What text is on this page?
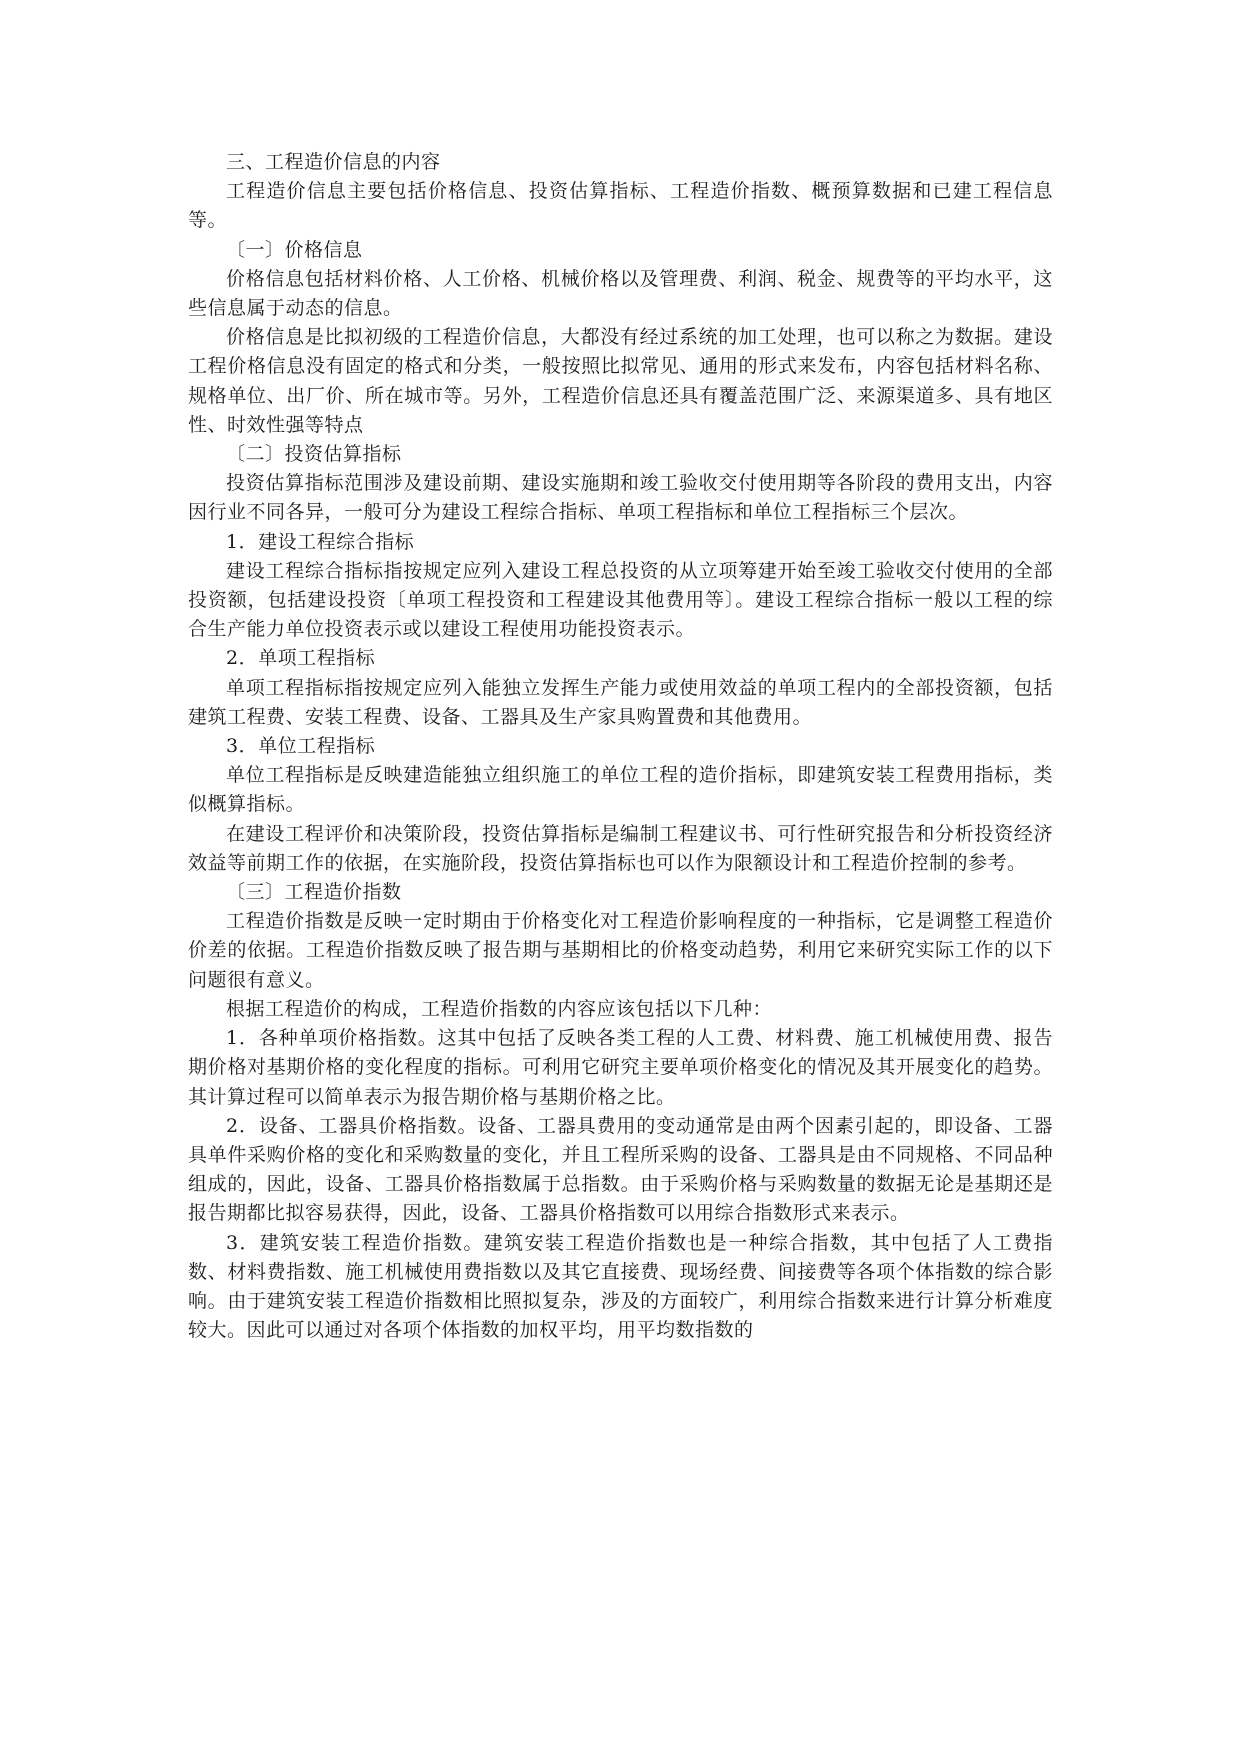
三、工程造价信息的内容

工程造价信息主要包括价格信息、投资估算指标、工程造价指数、概预算数据和已建工程信息等。

〔一〕价格信息

价格信息包括材料价格、人工价格、机械价格以及管理费、利润、税金、规费等的平均水平，这些信息属于动态的信息。

价格信息是比拟初级的工程造价信息，大都没有经过系统的加工处理，也可以称之为数据。建设工程价格信息没有固定的格式和分类，一般按照比拟常见、通用的形式来发布，内容包括材料名称、规格单位、出厂价、所在城市等。另外，工程造价信息还具有覆盖范围广泛、来源渠道多、具有地区性、时效性强等特点

〔二〕投资估算指标

投资估算指标范围涉及建设前期、建设实施期和竣工验收交付使用期等各阶段的费用支出，内容因行业不同各异，一般可分为建设工程综合指标、单项工程指标和单位工程指标三个层次。

1．建设工程综合指标

建设工程综合指标指按规定应列入建设工程总投资的从立项筹建开始至竣工验收交付使用的全部投资额，包括建设投资〔单项工程投资和工程建设其他费用等〕。建设工程综合指标一般以工程的综合生产能力单位投资表示或以建设工程使用功能投资表示。

2．单项工程指标

单项工程指标指按规定应列入能独立发挥生产能力或使用效益的单项工程内的全部投资额，包括建筑工程费、安装工程费、设备、工器具及生产家具购置费和其他费用。

3．单位工程指标

单位工程指标是反映建造能独立组织施工的单位工程的造价指标，即建筑安装工程费用指标，类似概算指标。

在建设工程评价和决策阶段，投资估算指标是编制工程建议书、可行性研究报告和分析投资经济效益等前期工作的依据，在实施阶段，投资估算指标也可以作为限额设计和工程造价控制的参考。

〔三〕工程造价指数

工程造价指数是反映一定时期由于价格变化对工程造价影响程度的一种指标，它是调整工程造价价差的依据。工程造价指数反映了报告期与基期相比的价格变动趋势，利用它来研究实际工作的以下问题很有意义。

根据工程造价的构成，工程造价指数的内容应该包括以下几种：

1．各种单项价格指数。这其中包括了反映各类工程的人工费、材料费、施工机械使用费、报告期价格对基期价格的变化程度的指标。可利用它研究主要单项价格变化的情况及其开展变化的趋势。其计算过程可以简单表示为报告期价格与基期价格之比。

2．设备、工器具价格指数。设备、工器具费用的变动通常是由两个因素引起的，即设备、工器具单件采购价格的变化和采购数量的变化，并且工程所采购的设备、工器具是由不同规格、不同品种组成的，因此，设备、工器具价格指数属于总指数。由于采购价格与采购数量的数据无论是基期还是报告期都比拟容易获得，因此，设备、工器具价格指数可以用综合指数形式来表示。

3．建筑安装工程造价指数。建筑安装工程造价指数也是一种综合指数，其中包括了人工费指数、材料费指数、施工机械使用费指数以及其它直接费、现场经费、间接费等各项个体指数的综合影响。由于建筑安装工程造价指数相比照拟复杂，涉及的方面较广，利用综合指数来进行计算分析难度较大。因此可以通过对各项个体指数的加权平均，用平均数指数的
